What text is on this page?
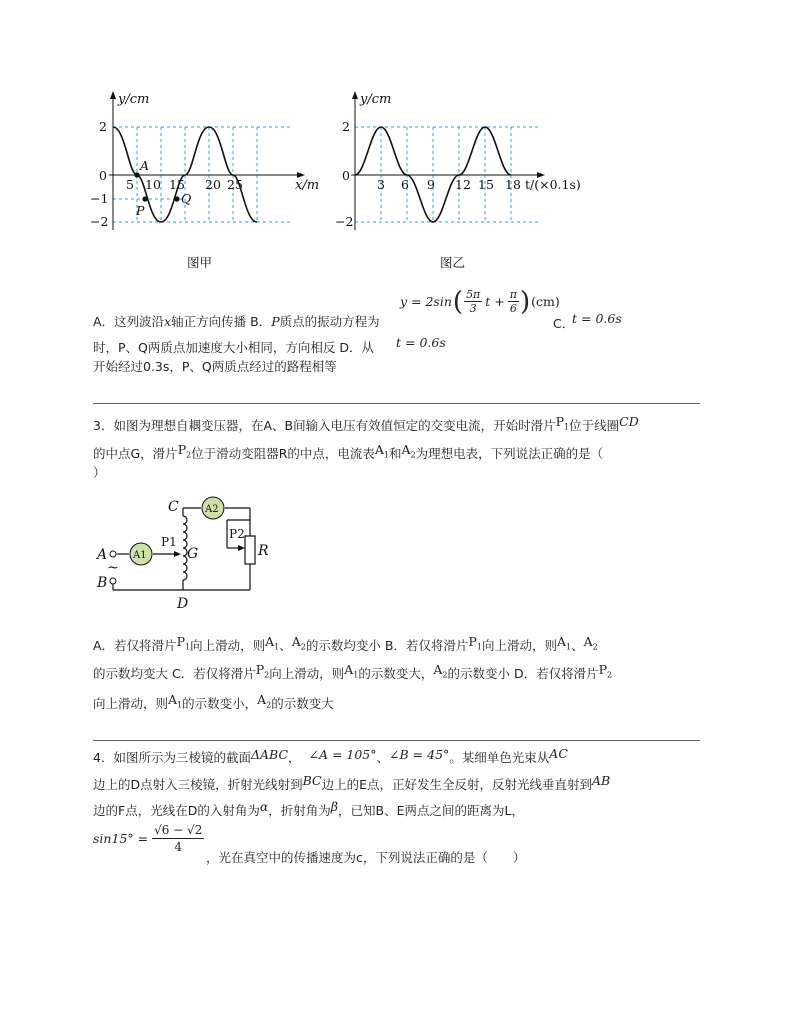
y/cm
2
0
−1
−2
5 10 15 20 25	x/m
A
P
Q
图甲
y/cm
2
0
−2
3 6 9 12 15 18 t/(×0.1s)
图乙
A．这列波沿x轴正方向传播 B．P质点的振动方程为
y = 2sin ( $\frac{5\pi}{3}$ $t + \frac{\pi}{6}$ ) (cm)
C．
t = 0.6s
时，P、Q两质点加速度大小相同，方向相反 D．从 t = 0.6s
开始经过0.3s，P、Q两质点经过的路程相等
3．如图为理想自耦变压器，在A、B间输入电压有效值恒定的交变电流，开始时滑片$P_1$位于线圈CD
的中点G，滑片$P_2$位于滑动变阻器R的中点，电流表$A_1$和$A_2$为理想电表，下列说法正确的是（
）
A1
A2
C
D
G
P1
P2
R
A
B
~
A．若仅将滑片$P_1$向上滑动，则$A_1$、$A_2$的示数均变小 B．若仅将滑片$P_1$向上滑动，则$A_1$、$A_2$
的示数均变大 C．若仅将滑片$P_2$向上滑动，则$A_1$的示数变大，$A_2$的示数变小 D．若仅将滑片$P_2$
向上滑动，则$A_1$的示数变小，$A_2$的示数变大
4．如图所示为三棱镜的截面ΔABC， ∠A = 105°、∠B = 45°。某细单色光束从AC
边上的D点射入三棱镜，折射光线射到BC边上的E点，正好发生全反射，反射光线垂直射到AB
边的F点，光线在D的入射角为α，折射角为β，已知B、E两点之间的距离为L，
$\sin 15^\circ = \frac{√6 - √2}{4}$
，光在真空中的传播速度为c，下列说法正确的是（　　）
